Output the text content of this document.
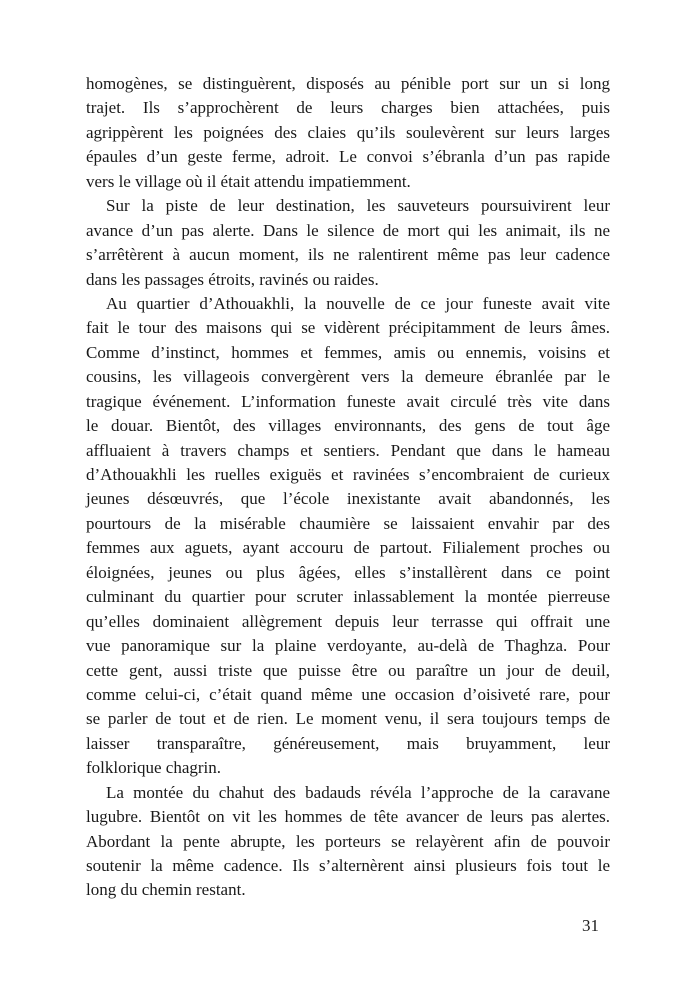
homogènes, se distinguèrent, disposés au pénible port sur un si long
trajet. Ils s’approchèrent de leurs charges bien attachées, puis
agrippèrent les poignées des claies qu’ils soulevèrent sur leurs larges
épaules d’un geste ferme, adroit. Le convoi s’ébranla d’un pas rapide
vers le village où il était attendu impatiemment.
Sur la piste de leur destination, les sauveteurs poursuivirent leur
avance d’un pas alerte. Dans le silence de mort qui les animait, ils ne
s’arrêtèrent à aucun moment, ils ne ralentirent même pas leur cadence
dans les passages étroits, ravinés ou raides.
Au quartier d’Athouakhli, la nouvelle de ce jour funeste avait vite
fait le tour des maisons qui se vidèrent précipitamment de leurs âmes.
Comme d’instinct, hommes et femmes, amis ou ennemis, voisins et
cousins, les villageois convergèrent vers la demeure ébranlée par le
tragique événement. L’information funeste avait circulé très vite dans
le douar. Bientôt, des villages environnants, des gens de tout âge
affluaient à travers champs et sentiers. Pendant que dans le hameau
d’Athouakhli les ruelles exiguës et ravinées s’encombraient de curieux
jeunes désœuvrés, que l’école inexistante avait abandonnés, les
pourtours de la misérable chaumière se laissaient envahir par des
femmes aux aguets, ayant accouru de partout. Filialement proches ou
éloignées, jeunes ou plus âgées, elles s’installèrent dans ce point
culminant du quartier pour scruter inlassablement la montée pierreuse
qu’elles dominaient allègrement depuis leur terrasse qui offrait une
vue panoramique sur la plaine verdoyante, au-delà de Thaghza. Pour
cette gent, aussi triste que puisse être ou paraître un jour de deuil,
comme celui-ci, c’était quand même une occasion d’oisiveté rare, pour
se parler de tout et de rien. Le moment venu, il sera toujours temps de
laisser transparaître, généreusement, mais bruyamment, leur
folklorique chagrin.
La montée du chahut des badauds révéla l’approche de la caravane
lugubre. Bientôt on vit les hommes de tête avancer de leurs pas alertes.
Abordant la pente abrupte, les porteurs se relayèrent afin de pouvoir
soutenir la même cadence. Ils s’alternèrent ainsi plusieurs fois tout le
long du chemin restant.
31
